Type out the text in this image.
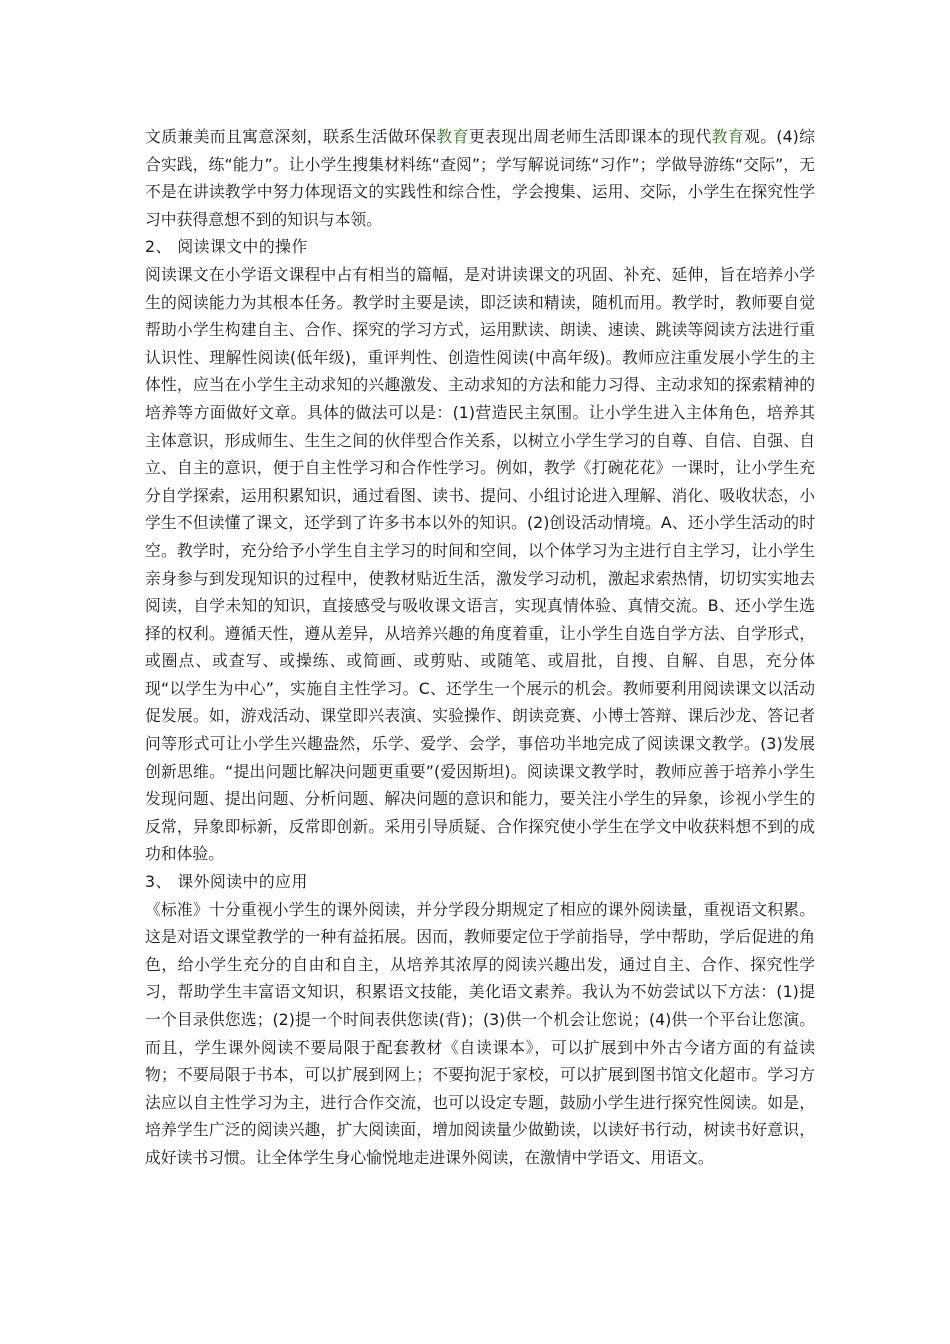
文质兼美而且寓意深刻，联系生活做环保教育更表现出周老师生活即课本的现代教育观。(4)综合实践，练“能力”。让小学生搜集材料练“查阅”；学写解说词练“习作”；学做导游练“交际”，无不是在讲读教学中努力体现语文的实践性和综合性，学会搜集、运用、交际，小学生在探究性学习中获得意想不到的知识与本领。

2、 阅读课文中的操作

阅读课文在小学语文课程中占有相当的篇幅，是对讲读课文的巩固、补充、延伸，旨在培养小学生的阅读能力为其根本任务。教学时主要是读，即泛读和精读，随机而用。教学时，教师要自觉帮助小学生构建自主、合作、探究的学习方式，运用默读、朗读、速读、跳读等阅读方法进行重认识性、理解性阅读(低年级)，重评判性、创造性阅读(中高年级)。教师应注重发展小学生的主体性，应当在小学生主动求知的兴趣激发、主动求知的方法和能力习得、主动求知的探索精神的培养等方面做好文章。具体的做法可以是：(1)营造民主氛围。让小学生进入主体角色，培养其主体意识，形成师生、生生之间的伙伴型合作关系，以树立小学生学习的自尊、自信、自强、自立、自主的意识，便于自主性学习和合作性学习。例如，教学《打碗花花》一课时，让小学生充分自学探索，运用积累知识，通过看图、读书、提问、小组讨论进入理解、消化、吸收状态，小学生不但读懂了课文，还学到了许多书本以外的知识。(2)创设活动情境。A、还小学生活动的时空。教学时，充分给予小学生自主学习的时间和空间，以个体学习为主进行自主学习，让小学生亲身参与到发现知识的过程中，使教材贴近生活，激发学习动机，激起求索热情，切切实实地去阅读，自学未知的知识，直接感受与吸收课文语言，实现真情体验、真情交流。B、还小学生选择的权利。遵循天性，遵从差异，从培养兴趣的角度着重，让小学生自选自学方法、自学形式，或圈点、或查写、或操练、或简画、或剪贴、或随笔、或眉批，自搜、自解、自思，充分体现“以学生为中心”，实施自主性学习。C、还学生一个展示的机会。教师要利用阅读课文以活动促发展。如，游戏活动、课堂即兴表演、实验操作、朗读竞赛、小博士答辩、课后沙龙、答记者问等形式可让小学生兴趣盎然，乐学、爱学、会学，事倍功半地完成了阅读课文教学。(3)发展创新思维。“提出问题比解决问题更重要”(爱因斯坦)。阅读课文教学时，教师应善于培养小学生发现问题、提出问题、分析问题、解决问题的意识和能力，要关注小学生的异象，诊视小学生的反常，异象即标新，反常即创新。采用引导质疑、合作探究使小学生在学文中收获料想不到的成功和体验。

3、 课外阅读中的应用

《标准》十分重视小学生的课外阅读，并分学段分期规定了相应的课外阅读量，重视语文积累。这是对语文课堂教学的一种有益拓展。因而，教师要定位于学前指导，学中帮助，学后促进的角色，给小学生充分的自由和自主，从培养其浓厚的阅读兴趣出发，通过自主、合作、探究性学习，帮助学生丰富语文知识，积累语文技能，美化语文素养。我认为不妨尝试以下方法：(1)提一个目录供您选；(2)提一个时间表供您读(背)；(3)供一个机会让您说；(4)供一个平台让您演。而且，学生课外阅读不要局限于配套教材《自读课本》，可以扩展到中外古今诸方面的有益读物；不要局限于书本，可以扩展到网上；不要拘泥于家校，可以扩展到图书馆文化超市。学习方法应以自主性学习为主，进行合作交流，也可以设定专题，鼓励小学生进行探究性阅读。如是，培养学生广泛的阅读兴趣，扩大阅读面，增加阅读量少做勤读，以读好书行动，树读书好意识，成好读书习惯。让全体学生身心愉悦地走进课外阅读，在激情中学语文、用语文。
